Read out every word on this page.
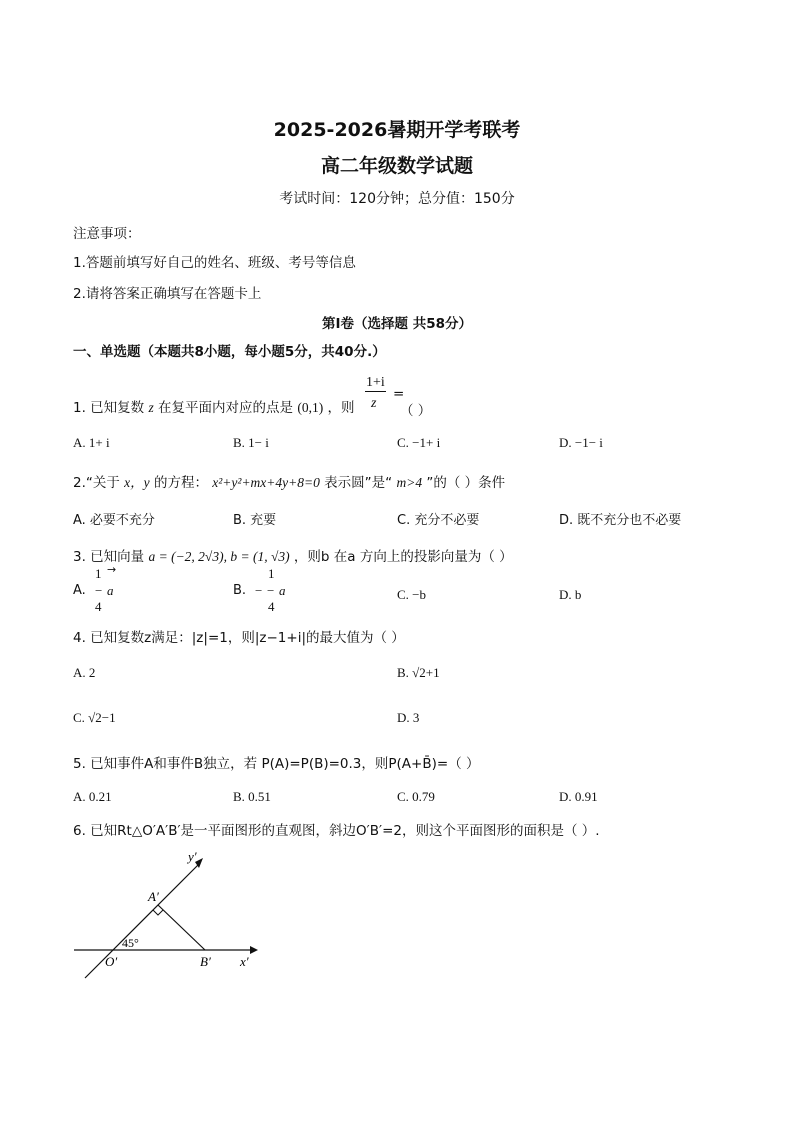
2025-2026暑期开学考联考
高二年级数学试题
考试时间：120分钟；总分值：150分
注意事项：
1.答题前填写好自己的姓名、班级、考号等信息
2.请将答案正确填写在答题卡上
第I卷（选择题 共58分）
一、单选题（本题共8小题，每小题5分，共40分.）
1. 已知复数 z 在复平面内对应的点是 (0,1) ，则
1+i
z
=
（ ）
A. 1+ i	B. 1− i	C. −1+ i	D. −1− i
2.“关于 x，y 的方程： x²+y²+mx+4y+8=0 表示圆”是“ m>4 ”的（ ）条件
A. 必要不充分	B. 充要	C. 充分不必要	D. 既不充分也不必要
3. 已知向量 a = (−2, 2√3), b = (1, √3) ，则b 在a 方向上的投影向量为（ ）
A.
1 →
− a
4
B.
1
− − a
4
C. −b	D. b
4. 已知复数z满足：|z|=1，则|z−1+i|的最大值为（ ）
A. 2	B. √2+1
C. √2−1	D. 3
5. 已知事件A和事件B独立，若 P(A)=P(B)=0.3，则P(A+B̄)=（ ）
A. 0.21	B. 0.51	C. 0.79	D. 0.91
6. 已知Rt△O′A′B′是一平面图形的直观图，斜边O′B′=2，则这个平面图形的面积是（ ）.
y′
A′
45°
O′	B′ x′
